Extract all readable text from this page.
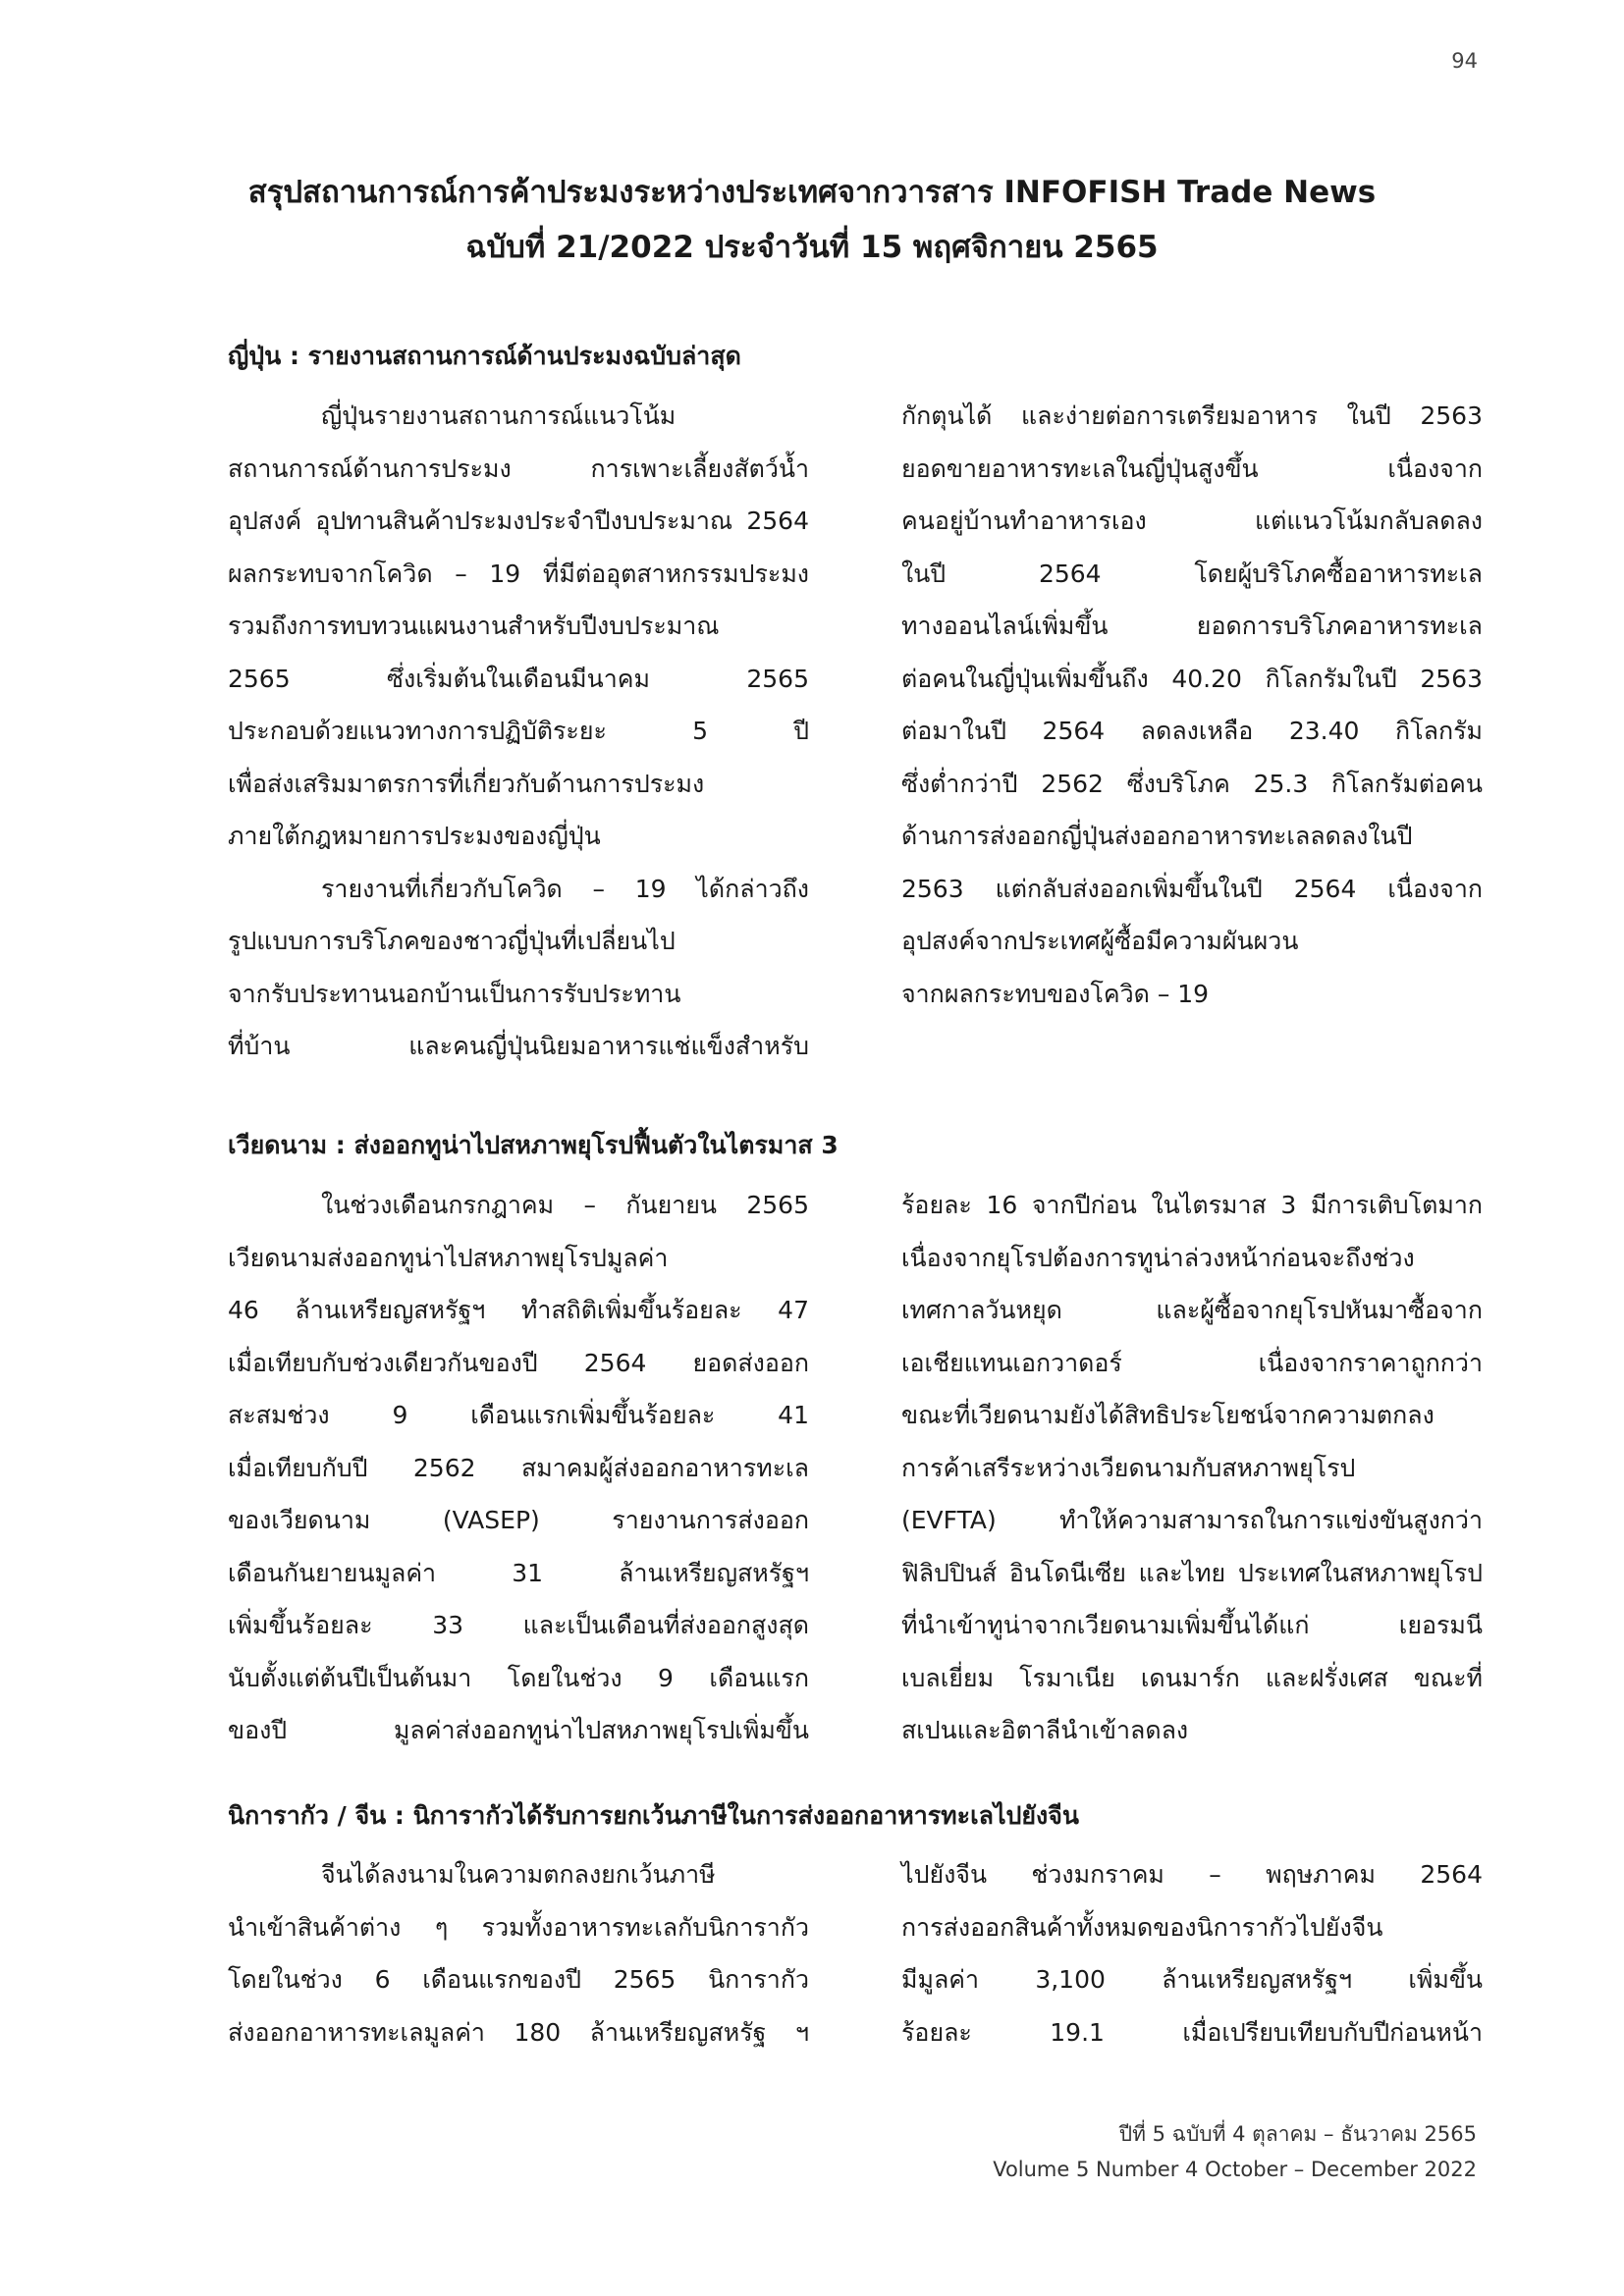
94
สรุปสถานการณ์การค้าประมงระหว่างประเทศจากวารสาร INFOFISH Trade News
ฉบับที่ 21/2022 ประจำวันที่ 15 พฤศจิกายน 2565
ญี่ปุ่น : รายงานสถานการณ์ด้านประมงฉบับล่าสุด
ญี่ปุ่นรายงานสถานการณ์แนวโน้ม
สถานการณ์ด้านการประมง การเพาะเลี้ยงสัตว์น้ำ
อุปสงค์ อุปทานสินค้าประมงประจำปีงบประมาณ 2564
ผลกระทบจากโควิด – 19 ที่มีต่ออุตสาหกรรมประมง
รวมถึงการทบทวนแผนงานสำหรับปีงบประมาณ
2565 ซึ่งเริ่มต้นในเดือนมีนาคม 2565
ประกอบด้วยแนวทางการปฏิบัติระยะ 5 ปี
เพื่อส่งเสริมมาตรการที่เกี่ยวกับด้านการประมง
ภายใต้กฎหมายการประมงของญี่ปุ่น
รายงานที่เกี่ยวกับโควิด – 19 ได้กล่าวถึง
รูปแบบการบริโภคของชาวญี่ปุ่นที่เปลี่ยนไป
จากรับประทานนอกบ้านเป็นการรับประทาน
ที่บ้าน และคนญี่ปุ่นนิยมอาหารแช่แข็งสำหรับ
กักตุนได้ และง่ายต่อการเตรียมอาหาร ในปี 2563
ยอดขายอาหารทะเลในญี่ปุ่นสูงขึ้น เนื่องจาก
คนอยู่บ้านทำอาหารเอง แต่แนวโน้มกลับลดลง
ในปี 2564 โดยผู้บริโภคซื้ออาหารทะเล
ทางออนไลน์เพิ่มขึ้น ยอดการบริโภคอาหารทะเล
ต่อคนในญี่ปุ่นเพิ่มขึ้นถึง 40.20 กิโลกรัมในปี 2563
ต่อมาในปี 2564 ลดลงเหลือ 23.40 กิโลกรัม
ซึ่งต่ำกว่าปี 2562 ซึ่งบริโภค 25.3 กิโลกรัมต่อคน
ด้านการส่งออกญี่ปุ่นส่งออกอาหารทะเลลดลงในปี
2563 แต่กลับส่งออกเพิ่มขึ้นในปี 2564 เนื่องจาก
อุปสงค์จากประเทศผู้ซื้อมีความผันผวน
จากผลกระทบของโควิด – 19
เวียดนาม : ส่งออกทูน่าไปสหภาพยุโรปฟื้นตัวในไตรมาส 3
ในช่วงเดือนกรกฎาคม – กันยายน 2565
เวียดนามส่งออกทูน่าไปสหภาพยุโรปมูลค่า
46 ล้านเหรียญสหรัฐฯ ทำสถิติเพิ่มขึ้นร้อยละ 47
เมื่อเทียบกับช่วงเดียวกันของปี 2564 ยอดส่งออก
สะสมช่วง 9 เดือนแรกเพิ่มขึ้นร้อยละ 41
เมื่อเทียบกับปี 2562 สมาคมผู้ส่งออกอาหารทะเล
ของเวียดนาม (VASEP) รายงานการส่งออก
เดือนกันยายนมูลค่า 31 ล้านเหรียญสหรัฐฯ
เพิ่มขึ้นร้อยละ 33 และเป็นเดือนที่ส่งออกสูงสุด
นับตั้งแต่ต้นปีเป็นต้นมา โดยในช่วง 9 เดือนแรก
ของปี มูลค่าส่งออกทูน่าไปสหภาพยุโรปเพิ่มขึ้น
ร้อยละ 16 จากปีก่อน ในไตรมาส 3 มีการเติบโตมาก
เนื่องจากยุโรปต้องการทูน่าล่วงหน้าก่อนจะถึงช่วง
เทศกาลวันหยุด และผู้ซื้อจากยุโรปหันมาซื้อจาก
เอเชียแทนเอกวาดอร์ เนื่องจากราคาถูกกว่า
ขณะที่เวียดนามยังได้สิทธิประโยชน์จากความตกลง
การค้าเสรีระหว่างเวียดนามกับสหภาพยุโรป
(EVFTA) ทำให้ความสามารถในการแข่งขันสูงกว่า
ฟิลิปปินส์ อินโดนีเซีย และไทย ประเทศในสหภาพยุโรป
ที่นำเข้าทูน่าจากเวียดนามเพิ่มขึ้นได้แก่ เยอรมนี
เบลเยี่ยม โรมาเนีย เดนมาร์ก และฝรั่งเศส ขณะที่
สเปนและอิตาลีนำเข้าลดลง
นิการากัว / จีน : นิการากัวได้รับการยกเว้นภาษีในการส่งออกอาหารทะเลไปยังจีน
จีนได้ลงนามในความตกลงยกเว้นภาษี
นำเข้าสินค้าต่าง ๆ รวมทั้งอาหารทะเลกับนิการากัว
โดยในช่วง 6 เดือนแรกของปี 2565 นิการากัว
ส่งออกอาหารทะเลมูลค่า 180 ล้านเหรียญสหรัฐ ฯ
ไปยังจีน ช่วงมกราคม – พฤษภาคม 2564
การส่งออกสินค้าทั้งหมดของนิการากัวไปยังจีน
มีมูลค่า 3,100 ล้านเหรียญสหรัฐฯ เพิ่มขึ้น
ร้อยละ 19.1 เมื่อเปรียบเทียบกับปีก่อนหน้า
ปีที่ 5 ฉบับที่ 4 ตุลาคม – ธันวาคม 2565
Volume 5 Number 4 October – December 2022
